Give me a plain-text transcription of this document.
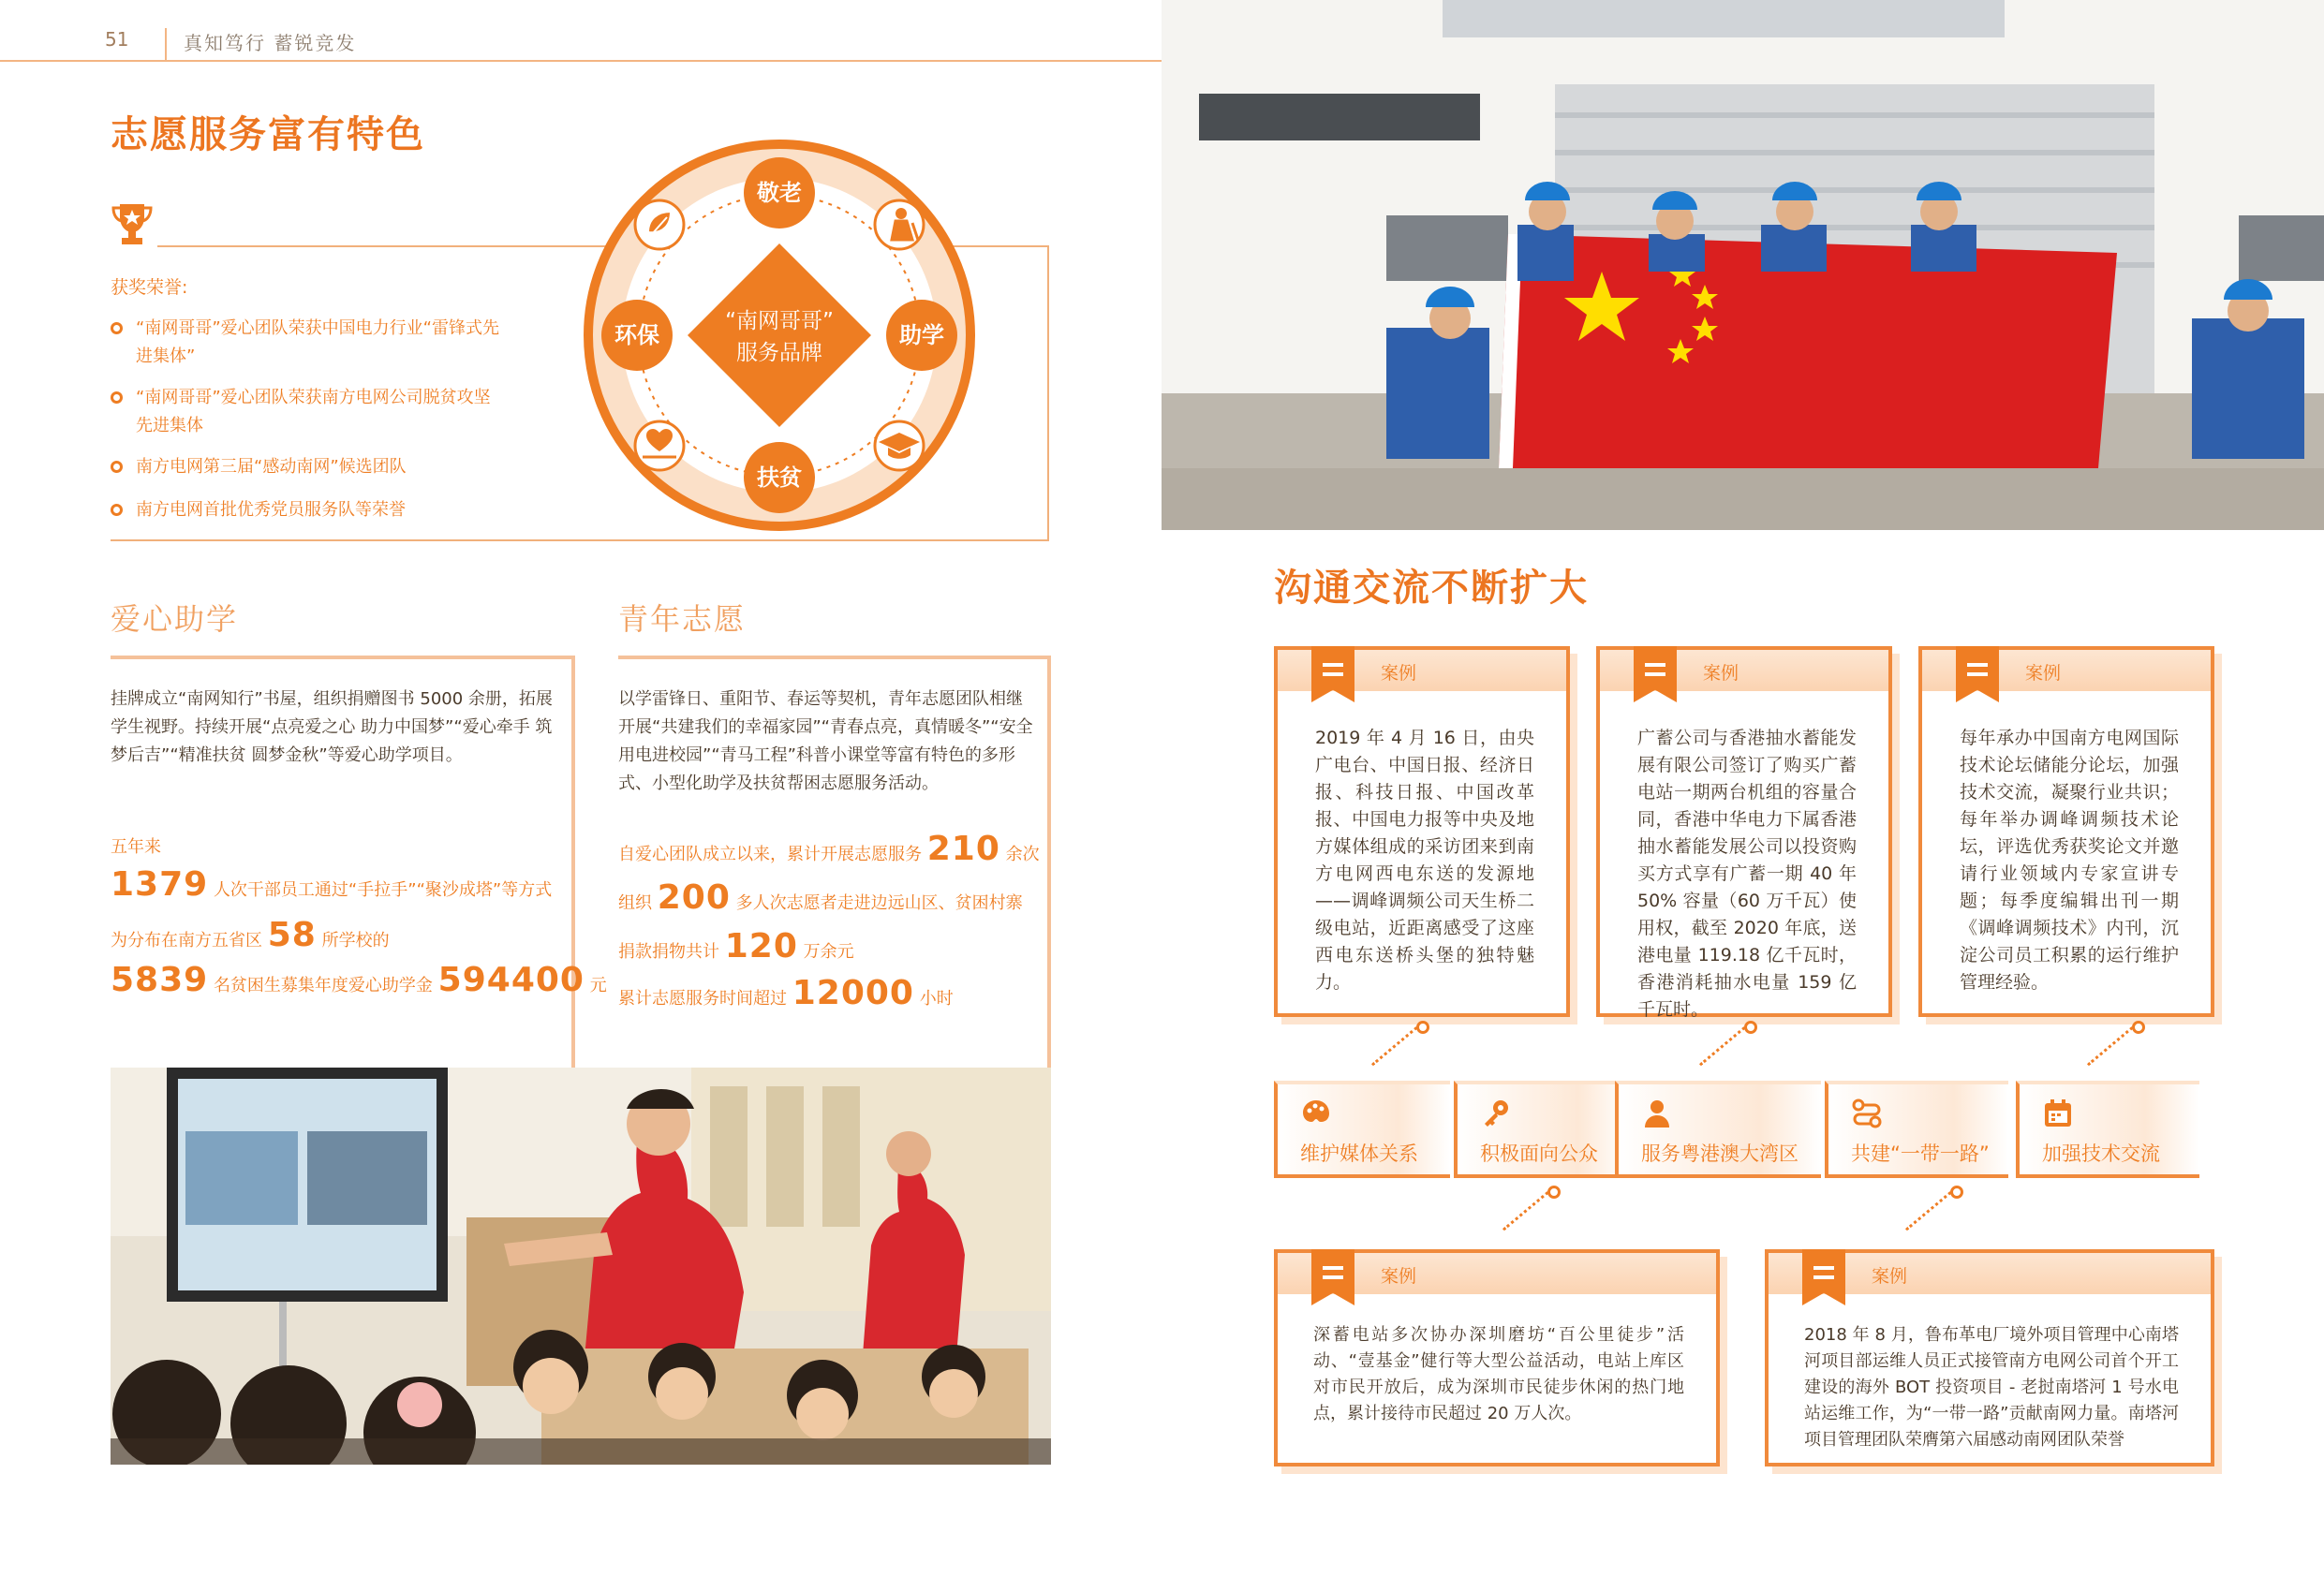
51	真知笃行 蓄锐竞发
志愿服务富有特色
获奖荣誉:
“南网哥哥”爱心团队荣获中国电力行业“雷锋式先进集体”
“南网哥哥”爱心团队荣获南方电网公司脱贫攻坚先进集体
南方电网第三届“感动南网”候选团队
南方电网首批优秀党员服务队等荣誉
敬老
助学
扶贫
环保
“南网哥哥”
服务品牌
爱心助学
挂牌成立“南网知行”书屋，组织捐赠图书 5000 余册，拓展学生视野。持续开展“点亮爱之心 助力中国梦”“爱心牵手 筑梦后吉”“精准扶贫 圆梦金秋”等爱心助学项目。
五年来
1379 人次干部员工通过“手拉手”“聚沙成塔”等方式
为分布在南方五省区 58 所学校的
5839 名贫困生募集年度爱心助学金 594400 元
青年志愿
以学雷锋日、重阳节、春运等契机，青年志愿团队相继开展“共建我们的幸福家园”“青春点亮，真情暖冬”“安全用电进校园”“青马工程”科普小课堂等富有特色的多形式、小型化助学及扶贫帮困志愿服务活动。
自爱心团队成立以来，累计开展志愿服务 210 余次
组织 200 多人次志愿者走进边远山区、贫困村寨
捐款捐物共计 120 万余元
累计志愿服务时间超过 12000 小时
沟通交流不断扩大
案例
2019 年 4 月 16 日，由央广电台、中国日报、经济日报、科技日报、中国改革报、中国电力报等中央及地方媒体组成的采访团来到南方电网西电东送的发源地——调峰调频公司天生桥二级电站，近距离感受了这座西电东送桥头堡的独特魅力。
案例
广蓄公司与香港抽水蓄能发展有限公司签订了购买广蓄电站一期两台机组的容量合同，香港中华电力下属香港抽水蓄能发展公司以投资购买方式享有广蓄一期 40 年 50% 容量（60 万千瓦）使用权，截至 2020 年底，送港电量 119.18 亿千瓦时，香港消耗抽水电量 159 亿千瓦时。
案例
每年承办中国南方电网国际技术论坛储能分论坛，加强技术交流，凝聚行业共识；每年举办调峰调频技术论坛，评选优秀获奖论文并邀请行业领域内专家宣讲专题；每季度编辑出刊一期《调峰调频技术》内刊，沉淀公司员工积累的运行维护管理经验。
维护媒体关系	积极面向公众 服务粤港澳大湾区	共建“一带一路”	加强技术交流
案例
深蓄电站多次协办深圳磨坊“百公里徒步”活动、“壹基金”健行等大型公益活动，电站上库区对市民开放后，成为深圳市民徒步休闲的热门地点，累计接待市民超过 20 万人次。
案例
2018 年 8 月，鲁布革电厂境外项目管理中心南塔河项目部运维人员正式接管南方电网公司首个开工建设的海外 BOT 投资项目 - 老挝南塔河 1 号水电站运维工作，为“一带一路”贡献南网力量。南塔河项目管理团队荣膺第六届感动南网团队荣誉
